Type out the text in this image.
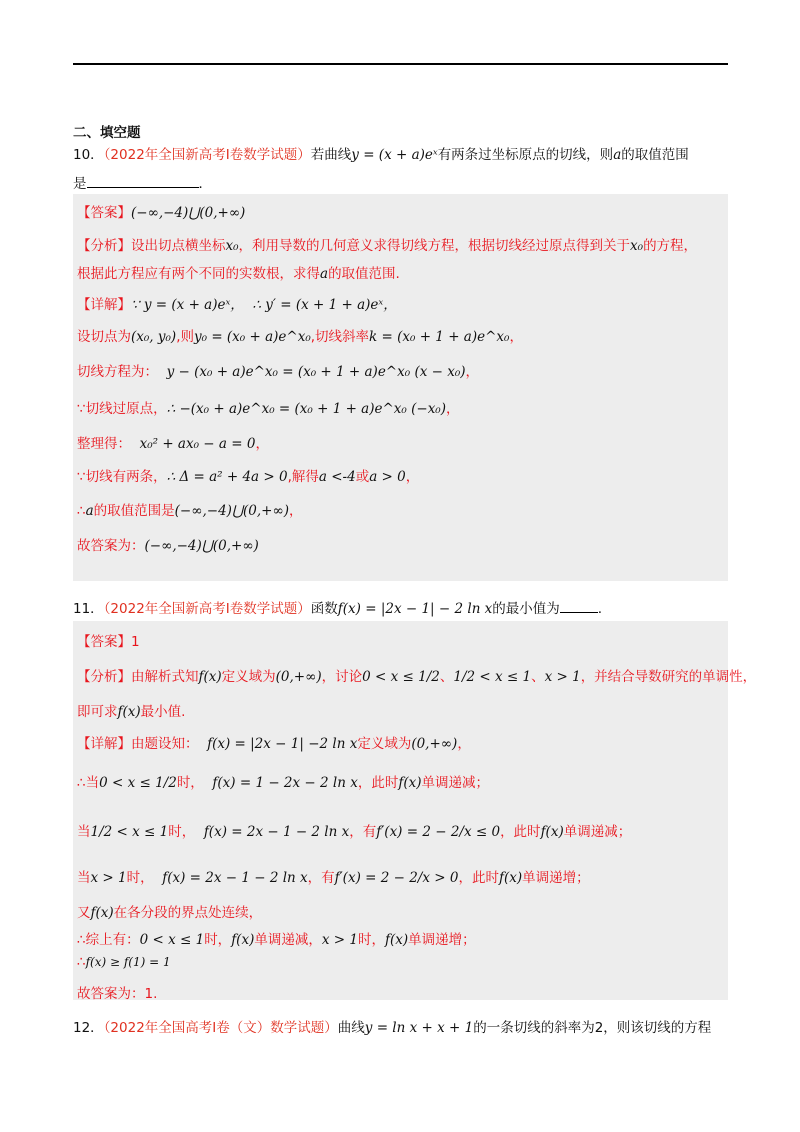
二、填空题
10．（2022年全国新高考Ⅰ卷数学试题）若曲线y = (x + a)eˣ有两条过坐标原点的切线，则a的取值范围
是	．
【答案】(−∞,−4)⋃(0,+∞)
【分析】设出切点横坐标x₀，利用导数的几何意义求得切线方程，根据切线经过原点得到关于x₀的方程，
根据此方程应有两个不同的实数根，求得a的取值范围.
【详解】∵ y = (x + a)eˣ， ∴ y′ = (x + 1 + a)eˣ，
设切点为(x₀, y₀),则y₀ = (x₀ + a)e^x₀,切线斜率k = (x₀ + 1 + a)e^x₀，
切线方程为： y − (x₀ + a)e^x₀ = (x₀ + 1 + a)e^x₀ (x − x₀)，
∵切线过原点，∴ −(x₀ + a)e^x₀ = (x₀ + 1 + a)e^x₀ (−x₀)，
整理得： x₀² + ax₀ − a = 0，
∵切线有两条，∴ Δ = a² + 4a > 0,解得a <-4或a > 0，
∴a的取值范围是(−∞,−4)⋃(0,+∞)，
故答案为：(−∞,−4)⋃(0,+∞)
11．（2022年全国新高考Ⅰ卷数学试题）函数f(x) = |2x − 1| − 2 ln x的最小值为	.
【答案】1
【分析】由解析式知f(x)定义域为(0,+∞)，讨论0 < x ≤ 1/2、1/2 < x ≤ 1、x > 1，并结合导数研究的单调性，
即可求f(x)最小值.
【详解】由题设知： f(x) = |2x − 1| −2 ln x定义域为(0,+∞)，
∴当0 < x ≤ 1/2时， f(x) = 1 − 2x − 2 ln x，此时f(x)单调递减；
当1/2 < x ≤ 1时， f(x) = 2x − 1 − 2 ln x，有f′(x) = 2 − 2/x ≤ 0，此时f(x)单调递减；
当x > 1时， f(x) = 2x − 1 − 2 ln x，有f′(x) = 2 − 2/x > 0，此时f(x)单调递增；
又f(x)在各分段的界点处连续，
∴综上有：0 < x ≤ 1时，f(x)单调递减，x > 1时，f(x)单调递增；
∴f(x) ≥ f(1) = 1
故答案为：1.
12．（2022年全国高考Ⅰ卷（文）数学试题）曲线y = ln x + x + 1的一条切线的斜率为2，则该切线的方程
